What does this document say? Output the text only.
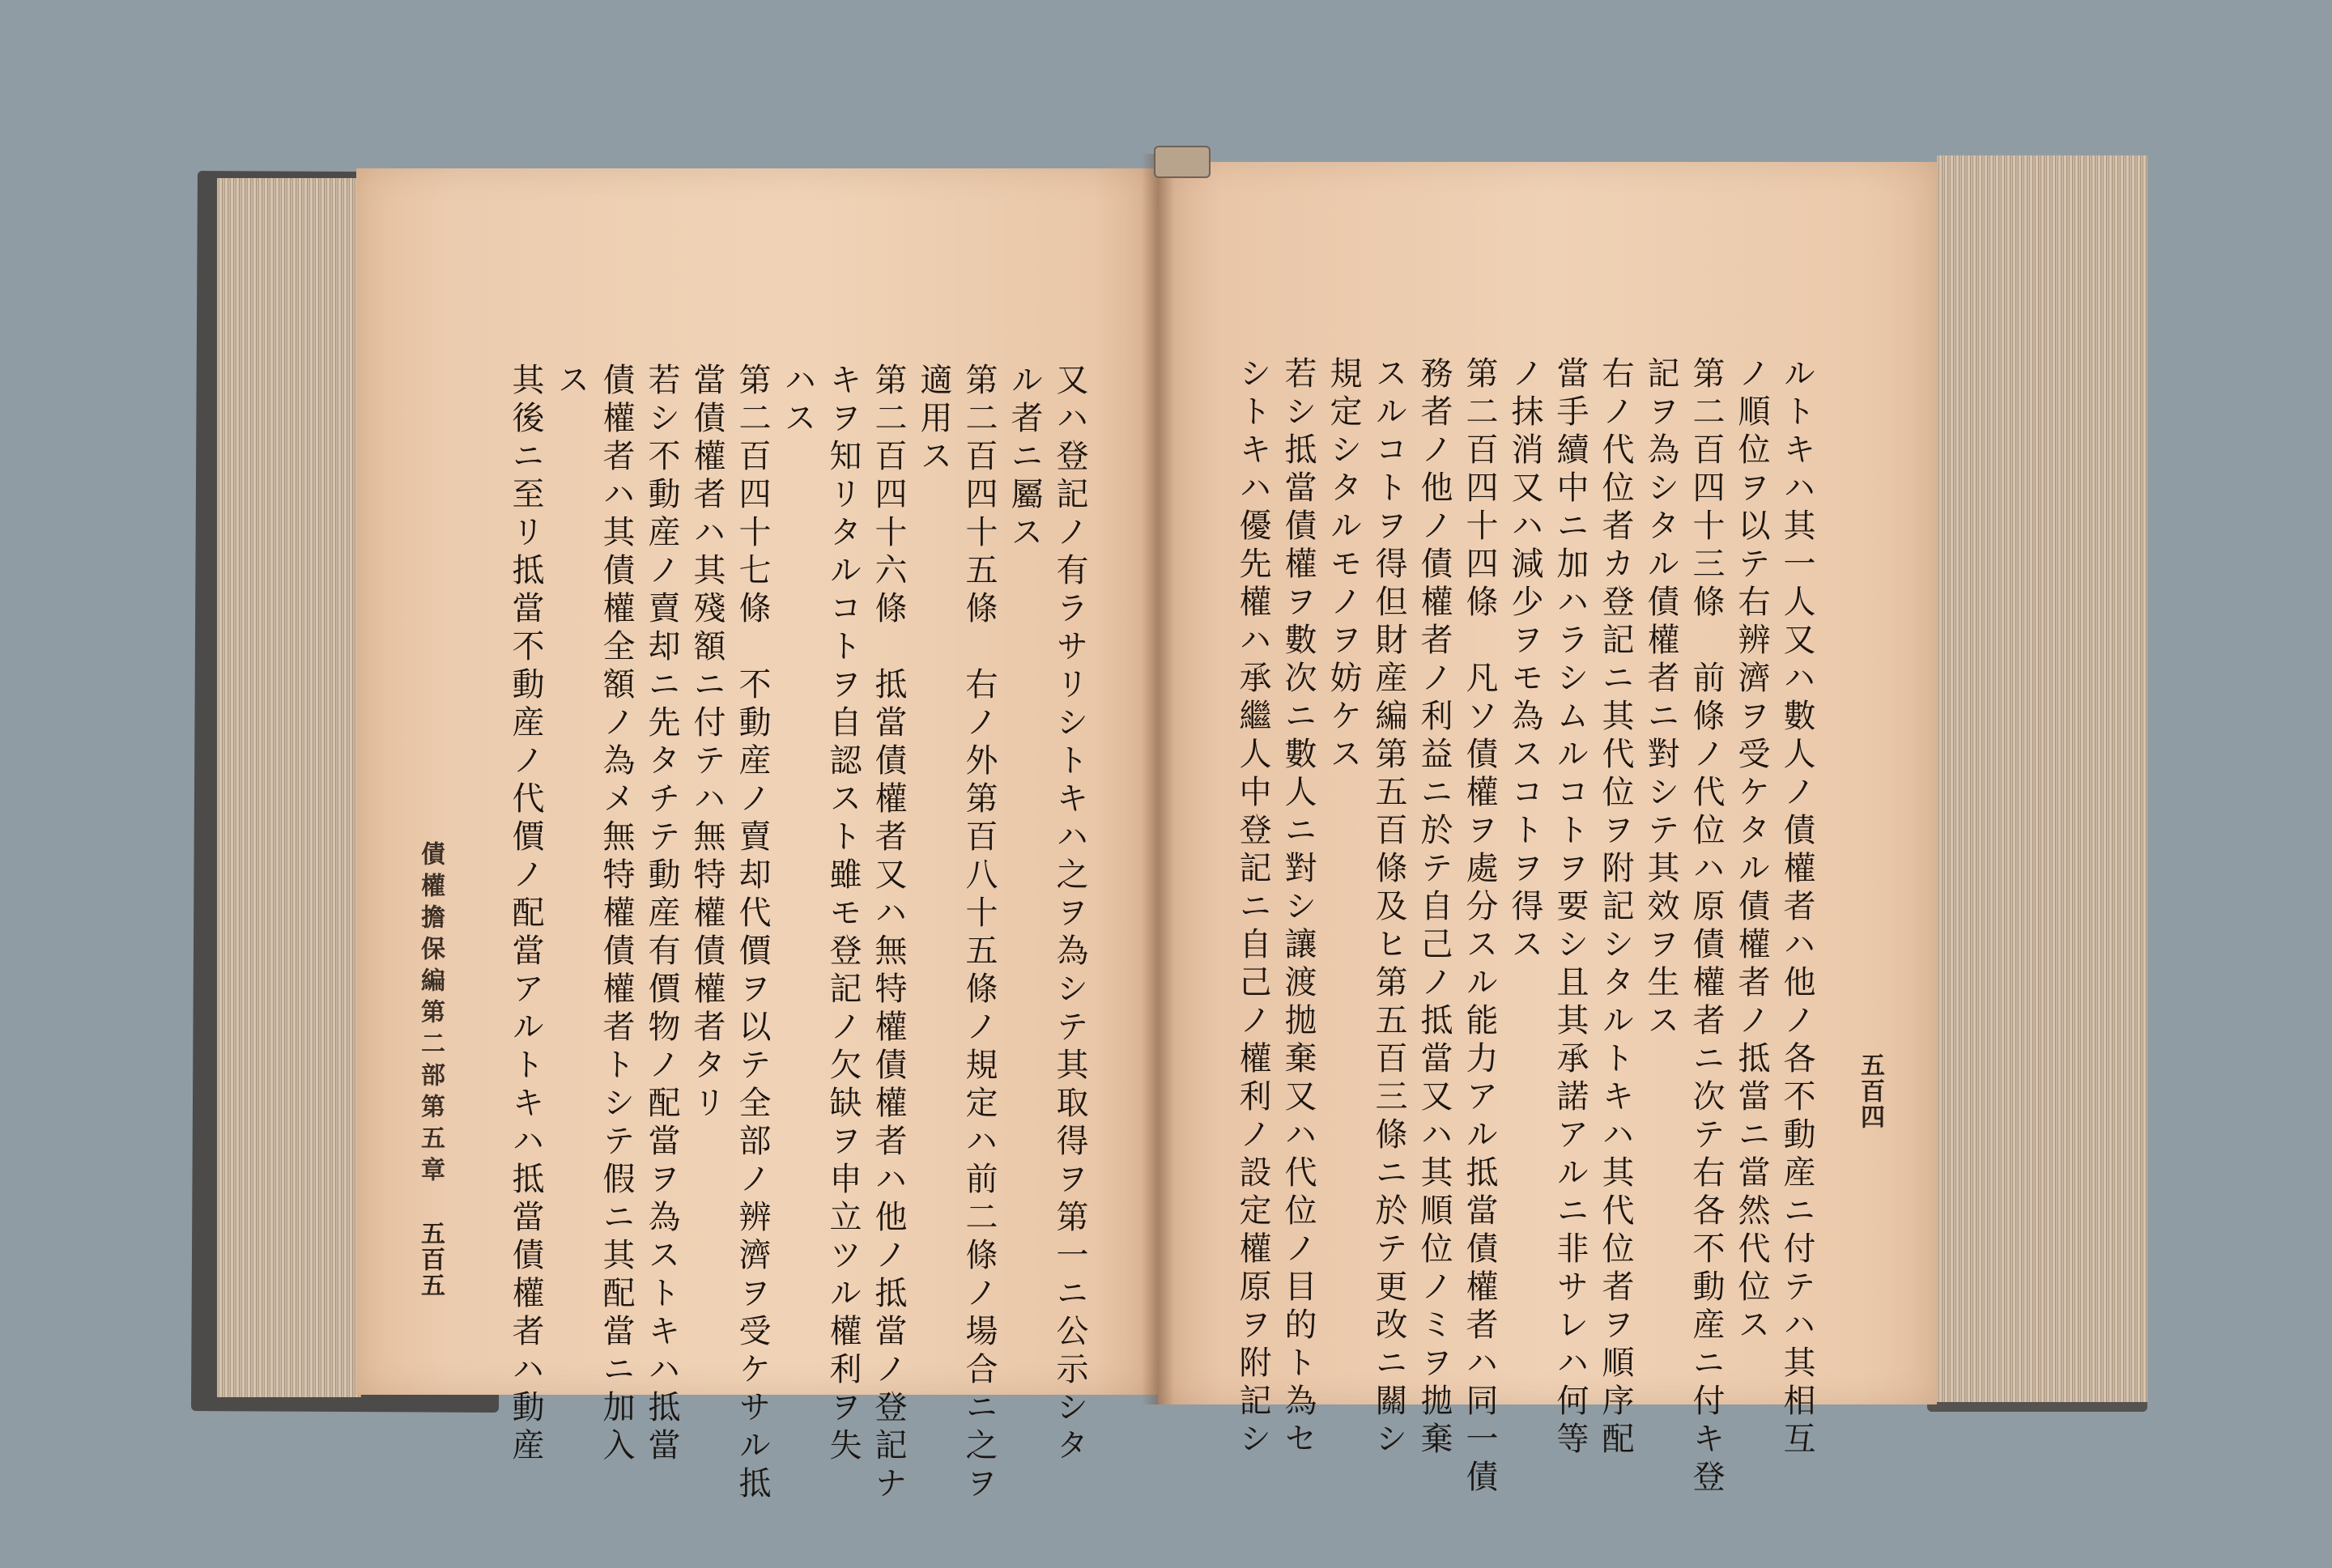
五百五
債權擔保編第二部第五章	又ハ登記ノ有ラサリシトキハ之ヲ為シテ其取得ヲ第一ニ公示シタ
ル者ニ屬ス
第二百四十五條　右ノ外第百八十五條ノ規定ハ前二條ノ場合ニ之ヲ
適用ス
第二百四十六條　抵當債權者又ハ無特權債權者ハ他ノ抵當ノ登記ナ
キヲ知リタルコトヲ自認スト雖モ登記ノ欠缺ヲ申立ツル權利ヲ失
ハス
第二百四十七條　不動産ノ賣却代價ヲ以テ全部ノ辨濟ヲ受ケサル抵
當債權者ハ其殘額ニ付テハ無特權債權者タリ
若シ不動産ノ賣却ニ先タチテ動産有價物ノ配當ヲ為ストキハ抵當
債權者ハ其債權全額ノ為メ無特權債權者トシテ假ニ其配當ニ加入
ス
其後ニ至リ抵當不動産ノ代價ノ配當アルトキハ抵當債權者ハ動産	五百四
ルトキハ其一人又ハ數人ノ債權者ハ他ノ各不動産ニ付テハ其相互
ノ順位ヲ以テ右辨濟ヲ受ケタル債權者ノ抵當ニ當然代位ス
第二百四十三條　前條ノ代位ハ原債權者ニ次テ右各不動産ニ付キ登
記ヲ為シタル債權者ニ對シテ其效ヲ生ス
右ノ代位者カ登記ニ其代位ヲ附記シタルトキハ其代位者ヲ順序配
當手續中ニ加ハラシムルコトヲ要シ且其承諾アルニ非サレハ何等
ノ抹消又ハ減少ヲモ為スコトヲ得ス
第二百四十四條　凡ソ債權ヲ處分スル能力アル抵當債權者ハ同一債
務者ノ他ノ債權者ノ利益ニ於テ自己ノ抵當又ハ其順位ノミヲ拋棄
スルコトヲ得但財産編第五百條及ヒ第五百三條ニ於テ更改ニ關シ
規定シタルモノヲ妨ケス
若シ抵當債權ヲ數次ニ數人ニ對シ讓渡拋棄又ハ代位ノ目的ト為セ
シトキハ優先權ハ承繼人中登記ニ自己ノ權利ノ設定權原ヲ附記シ
